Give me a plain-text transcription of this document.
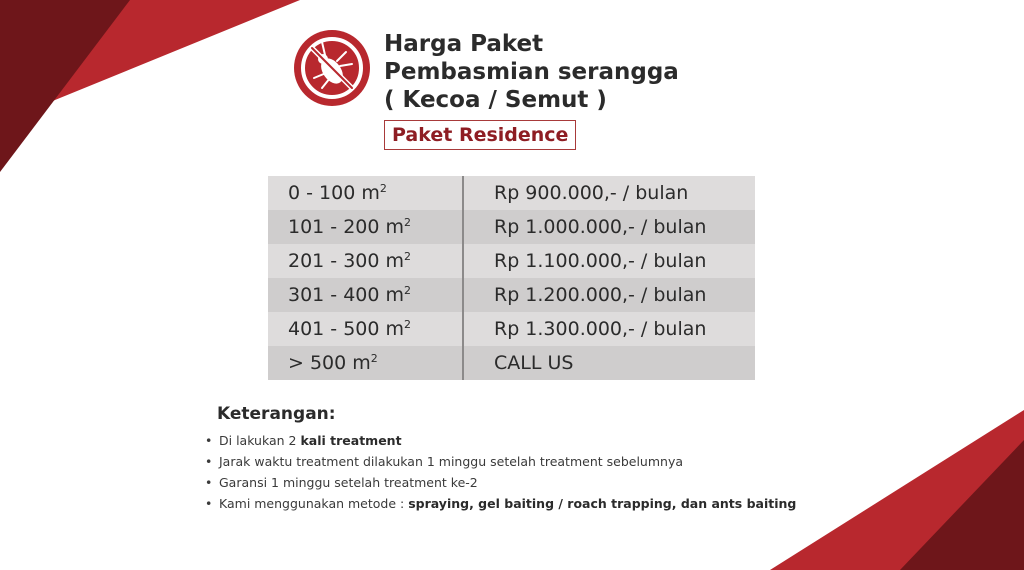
Harga Paket
Pembasmian serangga
( Kecoa / Semut )
Paket Residence
0 - 100 $m^2$	Rp 900.000,- / bulan
101 - 200 $m^2$	Rp 1.000.000,- / bulan
201 - 300 $m^2$	Rp 1.100.000,- / bulan
301 - 400 $m^2$	Rp 1.200.000,- / bulan
401 - 500 $m^2$	Rp 1.300.000,- / bulan
> 500 $m^2$	CALL US
Keterangan:
• Di lakukan 2 kali treatment
• Jarak waktu treatment dilakukan 1 minggu setelah treatment sebelumnya
• Garansi 1 minggu setelah treatment ke-2
• Kami menggunakan metode : spraying, gel baiting / roach trapping, dan ants baiting
